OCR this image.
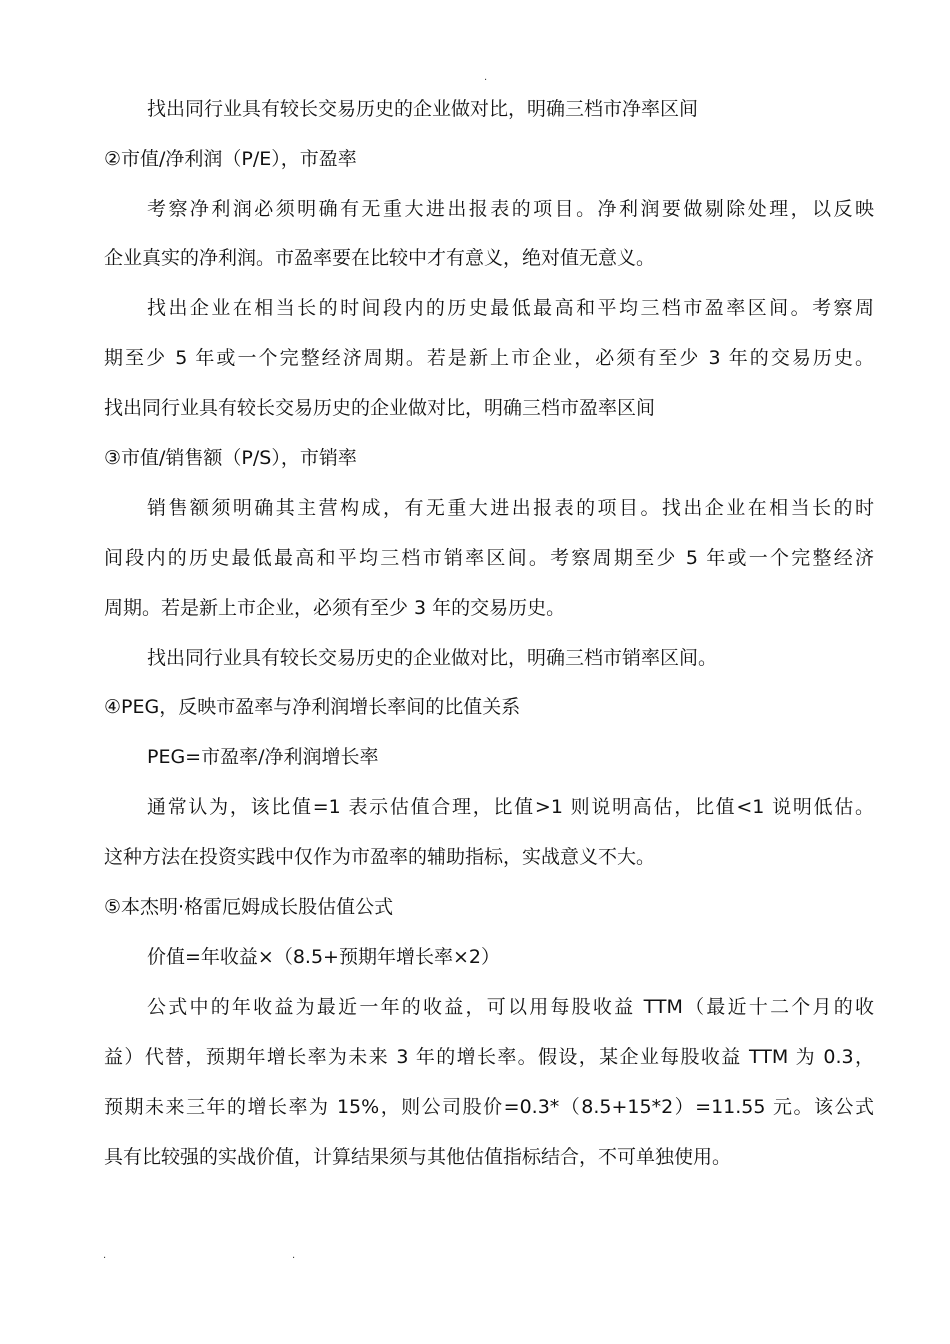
·
找出同行业具有较长交易历史的企业做对比，明确三档市净率区间
②市值/净利润（P/E），市盈率
考察净利润必须明确有无重大进出报表的项目。净利润要做剔除处理，以反映
企业真实的净利润。市盈率要在比较中才有意义，绝对值无意义。
找出企业在相当长的时间段内的历史最低最高和平均三档市盈率区间。考察周
期至少 5 年或一个完整经济周期。若是新上市企业，必须有至少 3 年的交易历史。
找出同行业具有较长交易历史的企业做对比，明确三档市盈率区间
③市值/销售额（P/S），市销率
销售额须明确其主营构成，有无重大进出报表的项目。找出企业在相当长的时
间段内的历史最低最高和平均三档市销率区间。考察周期至少 5 年或一个完整经济
周期。若是新上市企业，必须有至少 3 年的交易历史。
找出同行业具有较长交易历史的企业做对比，明确三档市销率区间。
④PEG，反映市盈率与净利润增长率间的比值关系
PEG=市盈率/净利润增长率
通常认为，该比值=1 表示估值合理，比值>1 则说明高估，比值<1 说明低估。
这种方法在投资实践中仅作为市盈率的辅助指标，实战意义不大。
⑤本杰明·格雷厄姆成长股估值公式
价值=年收益×（8.5+预期年增长率×2）
公式中的年收益为最近一年的收益，可以用每股收益 TTM（最近十二个月的收
益）代替，预期年增长率为未来 3 年的增长率。假设，某企业每股收益 TTM 为 0.3，
预期未来三年的增长率为 15%，则公司股价=0.3*（8.5+15*2）=11.55 元。该公式
具有比较强的实战价值，计算结果须与其他估值指标结合，不可单独使用。
·	·
